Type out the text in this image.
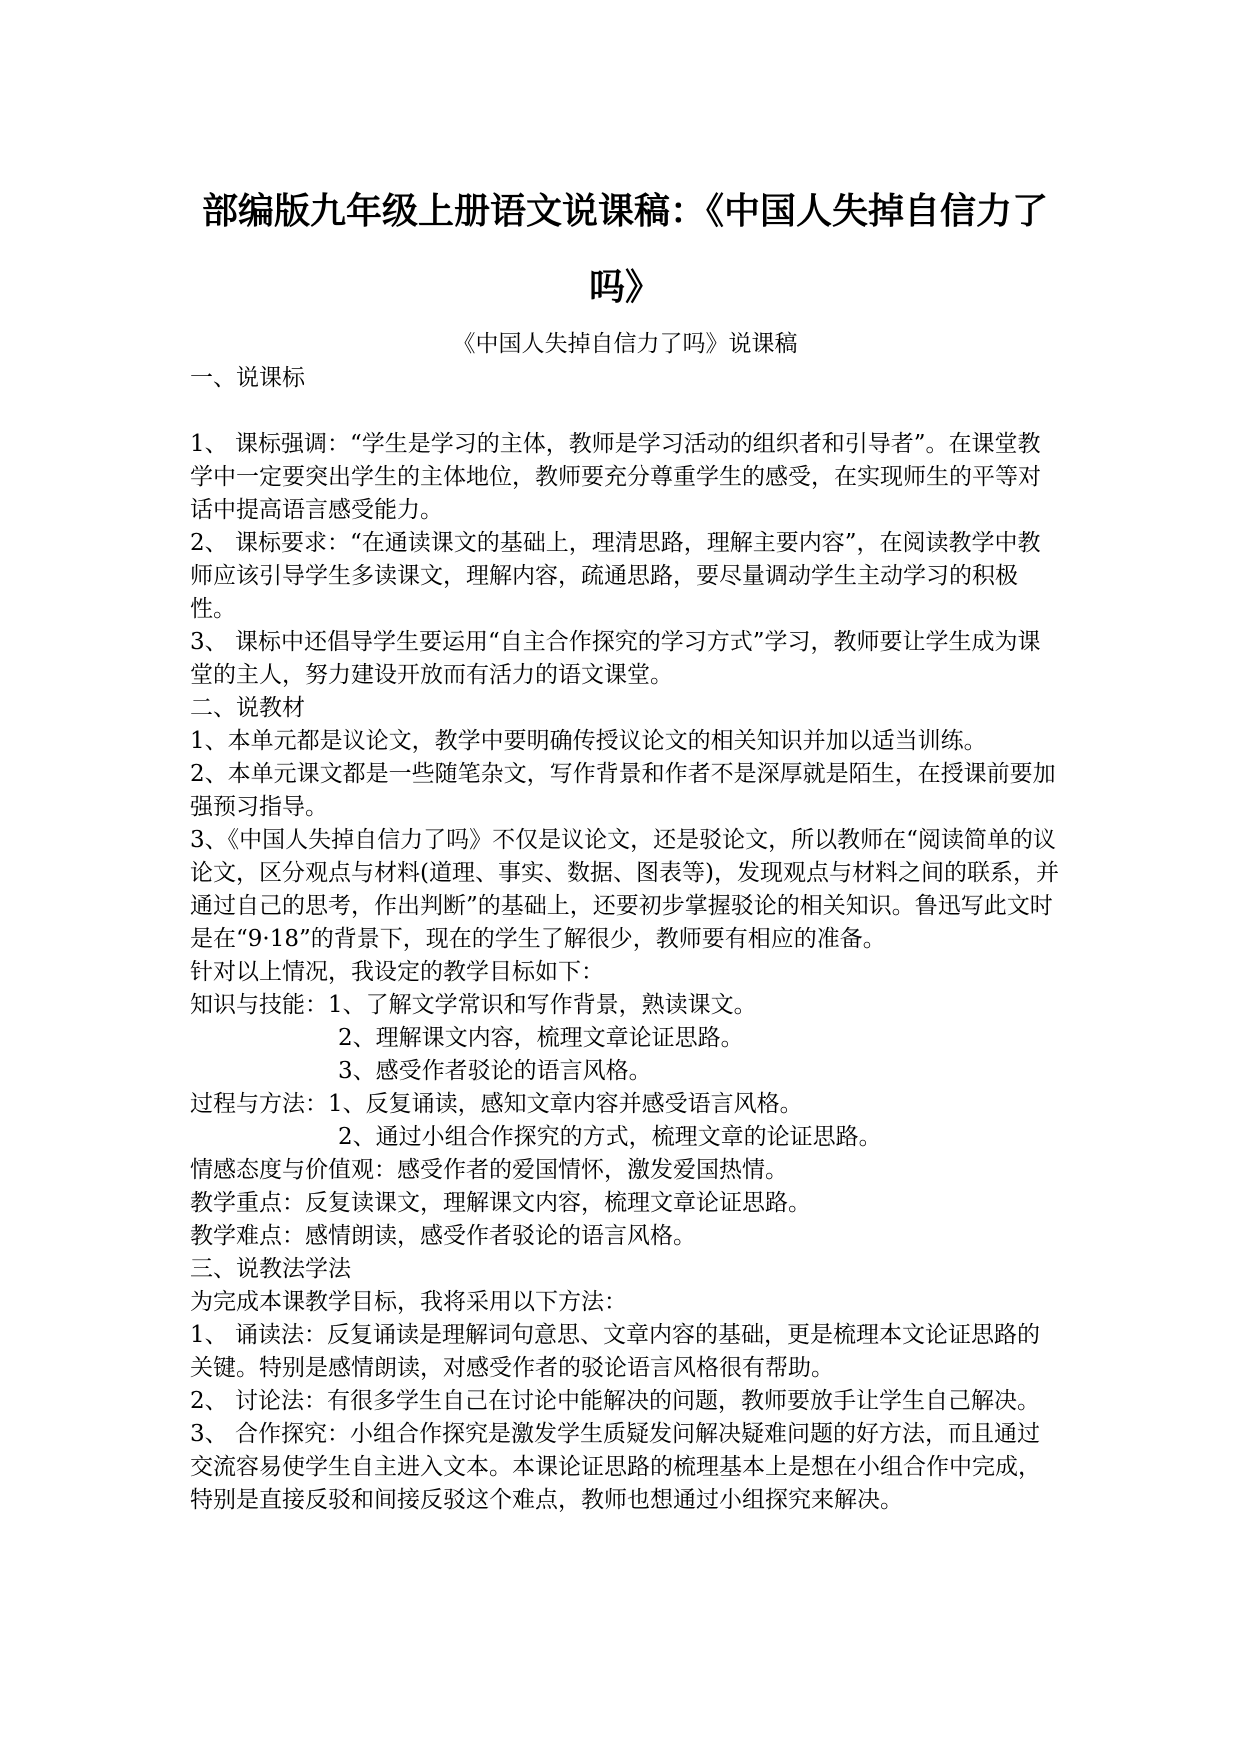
部编版九年级上册语文说课稿：《中国人失掉自信力了

吗》

《中国人失掉自信力了吗》说课稿

一、说课标

1、 课标强调：“学生是学习的主体，教师是学习活动的组织者和引导者”。在课堂教学中一定要突出学生的主体地位，教师要充分尊重学生的感受，在实现师生的平等对话中提高语言感受能力。

2、 课标要求：“在通读课文的基础上，理清思路，理解主要内容”，在阅读教学中教师应该引导学生多读课文，理解内容，疏通思路，要尽量调动学生主动学习的积极性。

3、 课标中还倡导学生要运用“自主合作探究的学习方式”学习，教师要让学生成为课堂的主人，努力建设开放而有活力的语文课堂。

二、说教材

1、本单元都是议论文，教学中要明确传授议论文的相关知识并加以适当训练。

2、本单元课文都是一些随笔杂文，写作背景和作者不是深厚就是陌生，在授课前要加强预习指导。

3、《中国人失掉自信力了吗》不仅是议论文，还是驳论文，所以教师在“阅读简单的议论文，区分观点与材料(道理、事实、数据、图表等)，发现观点与材料之间的联系，并通过自己的思考，作出判断”的基础上，还要初步掌握驳论的相关知识。鲁迅写此文时是在“9·18”的背景下，现在的学生了解很少，教师要有相应的准备。

针对以上情况，我设定的教学目标如下：

知识与技能：1、了解文学常识和写作背景，熟读课文。

2、理解课文内容，梳理文章论证思路。

3、感受作者驳论的语言风格。

过程与方法：1、反复诵读，感知文章内容并感受语言风格。

2、通过小组合作探究的方式，梳理文章的论证思路。

情感态度与价值观：感受作者的爱国情怀，激发爱国热情。

教学重点：反复读课文，理解课文内容，梳理文章论证思路。

教学难点：感情朗读，感受作者驳论的语言风格。

三、说教法学法

为完成本课教学目标，我将采用以下方法：

1、 诵读法：反复诵读是理解词句意思、文章内容的基础，更是梳理本文论证思路的关键。特别是感情朗读，对感受作者的驳论语言风格很有帮助。

2、 讨论法：有很多学生自己在讨论中能解决的问题，教师要放手让学生自己解决。

3、 合作探究：小组合作探究是激发学生质疑发问解决疑难问题的好方法，而且通过交流容易使学生自主进入文本。本课论证思路的梳理基本上是想在小组合作中完成，特别是直接反驳和间接反驳这个难点，教师也想通过小组探究来解决。
